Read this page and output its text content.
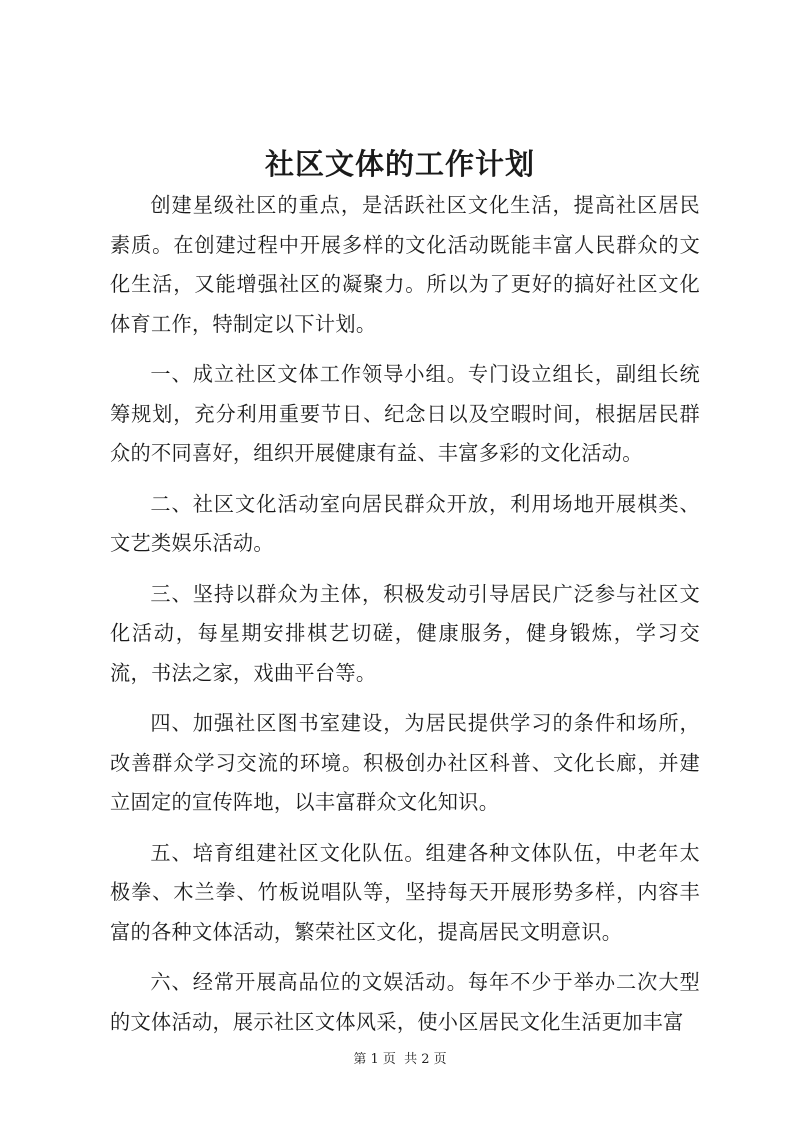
社区文体的工作计划

创建星级社区的重点，是活跃社区文化生活，提高社区居民素质。在创建过程中开展多样的文化活动既能丰富人民群众的文化生活，又能增强社区的凝聚力。所以为了更好的搞好社区文化体育工作，特制定以下计划。

一、成立社区文体工作领导小组。专门设立组长，副组长统筹规划，充分利用重要节日、纪念日以及空暇时间，根据居民群众的不同喜好，组织开展健康有益、丰富多彩的文化活动。

二、社区文化活动室向居民群众开放，利用场地开展棋类、文艺类娱乐活动。

三、坚持以群众为主体，积极发动引导居民广泛参与社区文化活动，每星期安排棋艺切磋，健康服务，健身锻炼，学习交流，书法之家，戏曲平台等。

四、加强社区图书室建设，为居民提供学习的条件和场所，改善群众学习交流的环境。积极创办社区科普、文化长廊，并建立固定的宣传阵地，以丰富群众文化知识。

五、培育组建社区文化队伍。组建各种文体队伍，中老年太极拳、木兰拳、竹板说唱队等，坚持每天开展形势多样，内容丰富的各种文体活动，繁荣社区文化，提高居民文明意识。

六、经常开展高品位的文娱活动。每年不少于举办二次大型的文体活动，展示社区文体风采，使小区居民文化生活更加丰富

第 1 页 共 2 页
